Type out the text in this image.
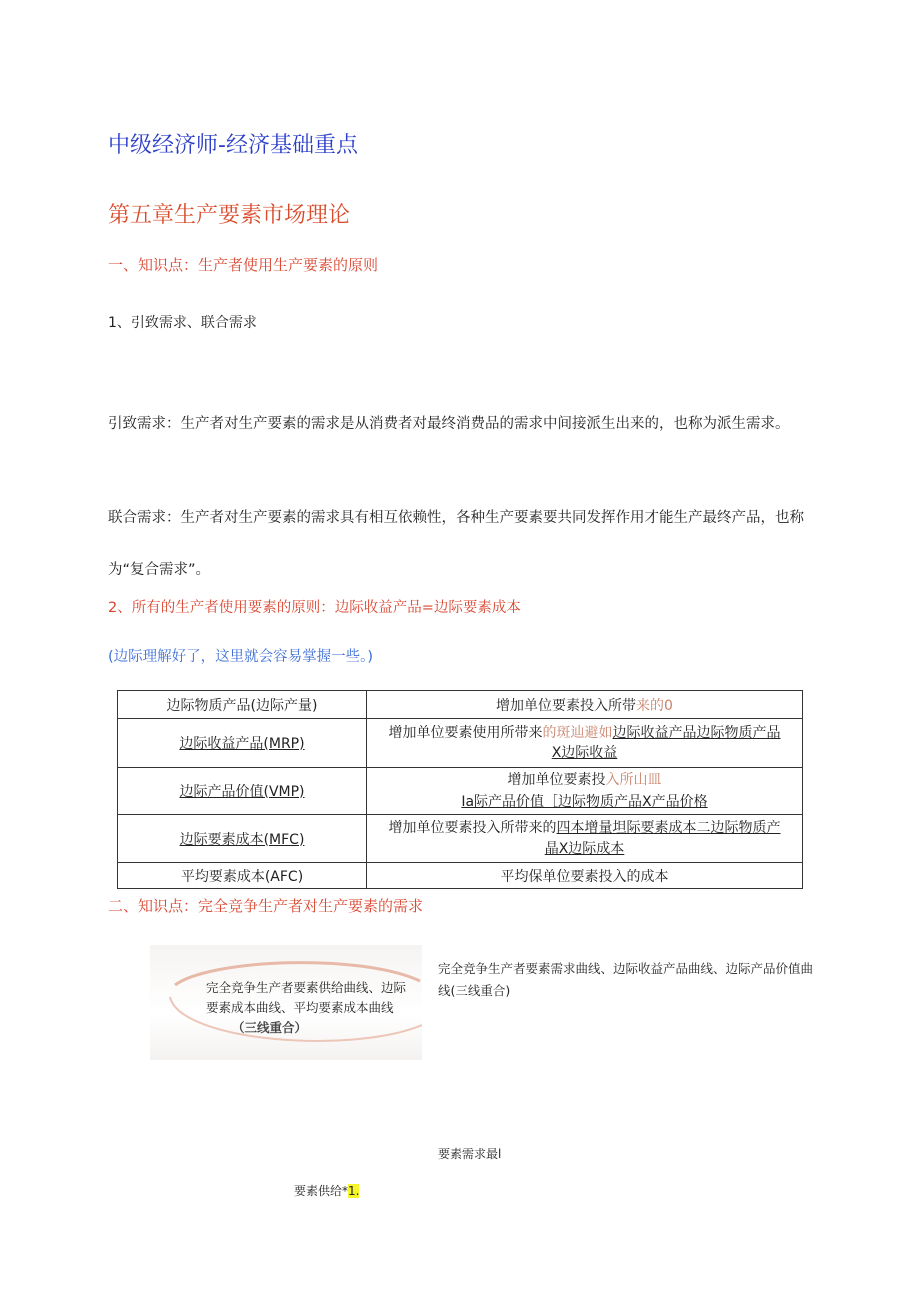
中级经济师-经济基础重点
第五章生产要素市场理论
一、知识点：生产者使用生产要素的原则
1、引致需求、联合需求
引致需求：生产者对生产要素的需求是从消费者对最终消费品的需求中间接派生出来的，也称为派生需求。
联合需求：生产者对生产要素的需求具有相互依赖性，各种生产要素要共同发挥作用才能生产最终产品，也称为“复合需求”。
2、所有的生产者使用要素的原则：边际收益产品=边际要素成本
(边际理解好了，这里就会容易掌握一些。)
边际物质产品(边际产量)	增加单位要素投入所带来的0
边际收益产品(MRP)	增加单位要素使用所带来的斑辿避如边际收益产品边际物质产品
X边际收益

边际产品价值(VMP)	增加单位要素投入所山皿
Ia际产品价值［边际物质产品X产品价格

边际要素成本(MFC)	增加单位要素投入所带来的四本增量坦际要素成本二边际物质产
晶X边际成本

平均要素成本(AFC)	平均保单位要素投入的成本
二、知识点：完全竞争生产者对生产要素的需求
完全竞争生产者要素供给曲线、边际要素成本曲线、平均要素成本曲线
（三线重合）
完全竞争生产者要素需求曲线、边际收益产品曲线、边际产品价值曲线(三线重合)
要素需求最l
要素供给*1.
